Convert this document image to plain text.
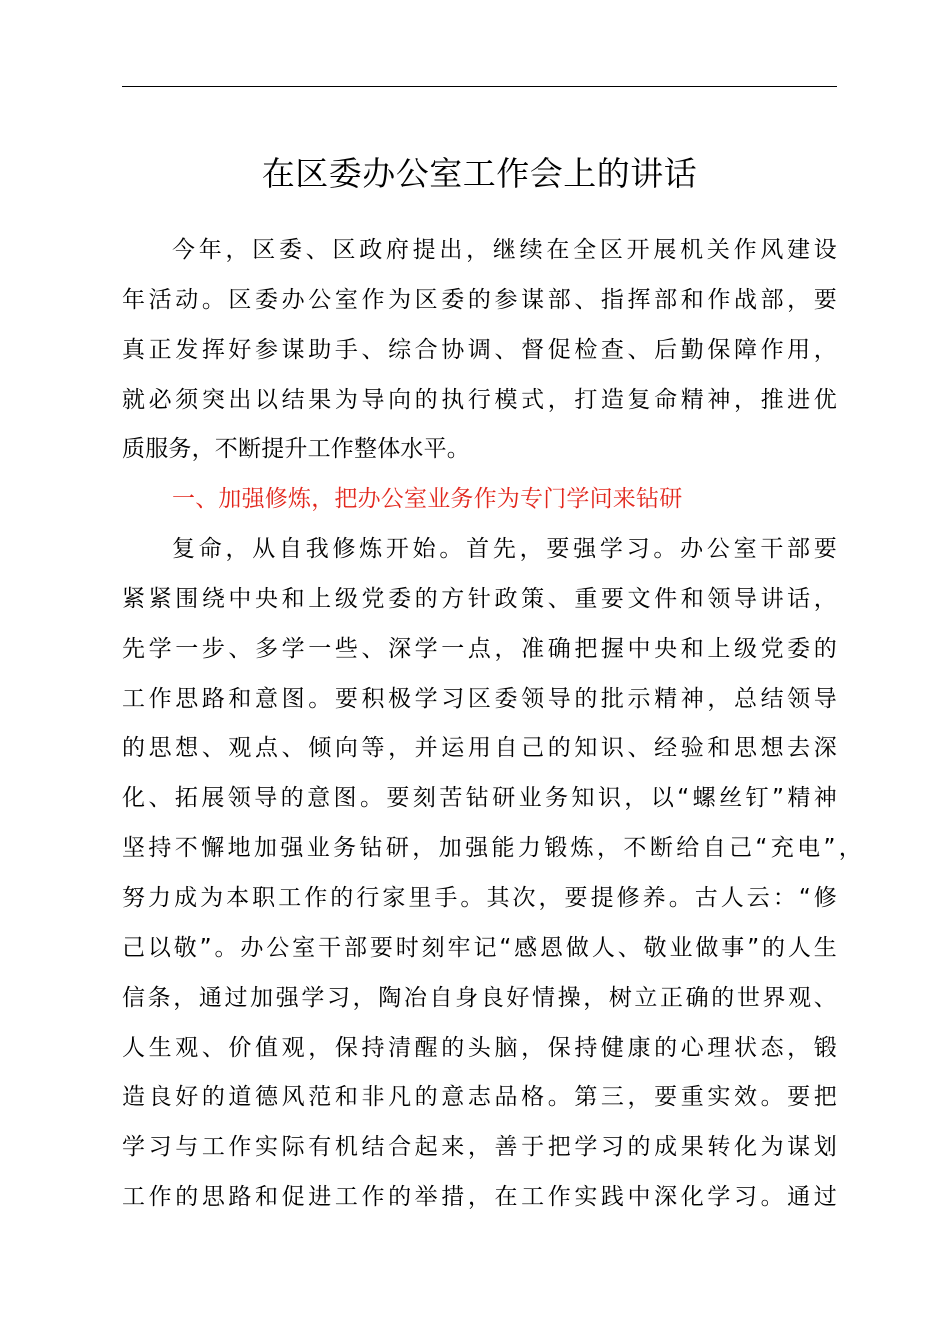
在区委办公室工作会上的讲话
今年，区委、区政府提出，继续在全区开展机关作风建设
年活动。区委办公室作为区委的参谋部、指挥部和作战部，要
真正发挥好参谋助手、综合协调、督促检查、后勤保障作用，
就必须突出以结果为导向的执行模式，打造复命精神，推进优
质服务，不断提升工作整体水平。
一、加强修炼，把办公室业务作为专门学问来钻研
复命，从自我修炼开始。首先，要强学习。办公室干部要
紧紧围绕中央和上级党委的方针政策、重要文件和领导讲话，
先学一步、多学一些、深学一点，准确把握中央和上级党委的
工作思路和意图。要积极学习区委领导的批示精神，总结领导
的思想、观点、倾向等，并运用自己的知识、经验和思想去深
化、拓展领导的意图。要刻苦钻研业务知识，以“螺丝钉”精神
坚持不懈地加强业务钻研，加强能力锻炼，不断给自己“充电”，
努力成为本职工作的行家里手。其次，要提修养。古人云：“修
己以敬”。办公室干部要时刻牢记“感恩做人、敬业做事”的人生
信条，通过加强学习，陶冶自身良好情操，树立正确的世界观、
人生观、价值观，保持清醒的头脑，保持健康的心理状态，锻
造良好的道德风范和非凡的意志品格。第三，要重实效。要把
学习与工作实际有机结合起来，善于把学习的成果转化为谋划
工作的思路和促进工作的举措，在工作实践中深化学习。通过
